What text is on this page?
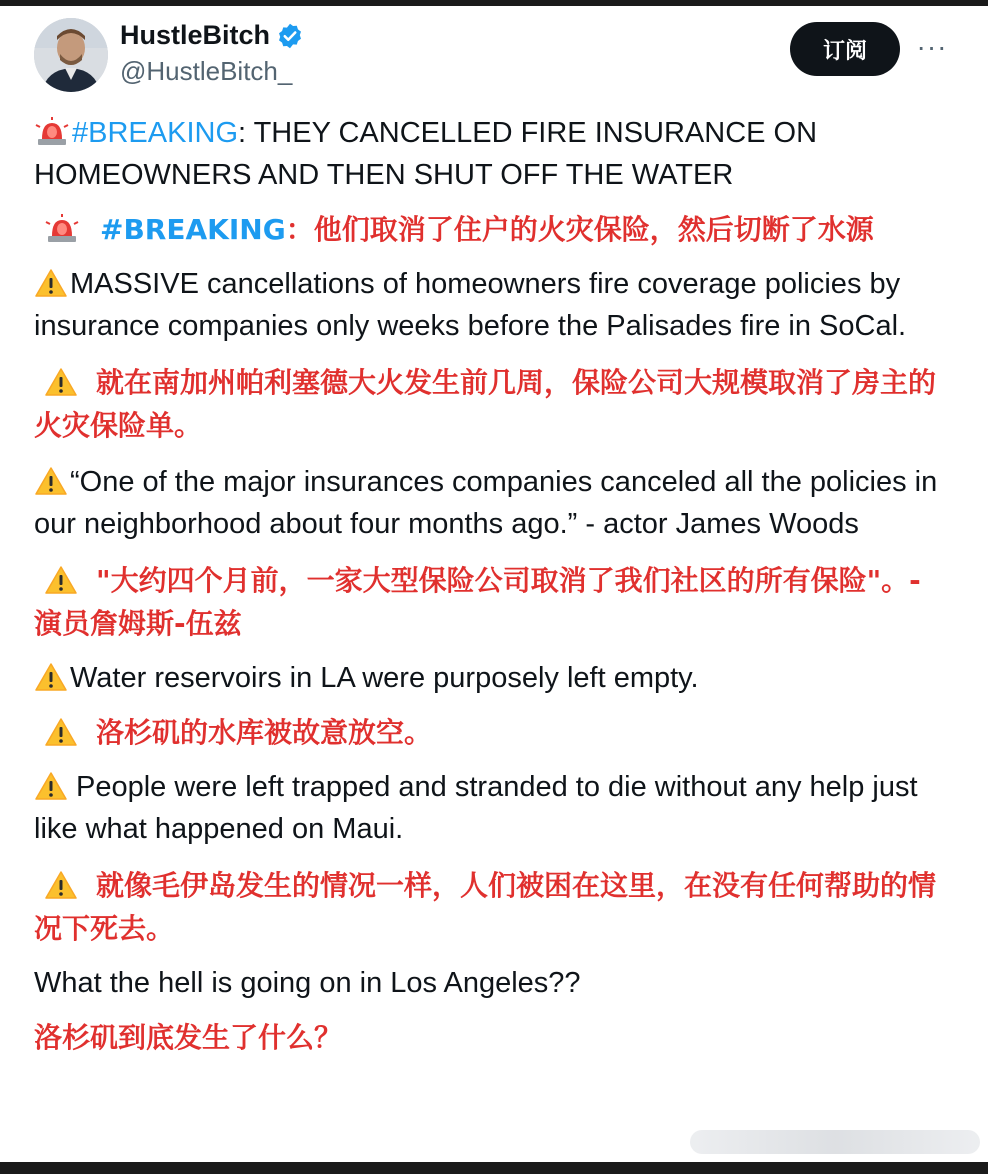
HustleBitch
@HustleBitch_
订阅	···
#BREAKING: THEY CANCELLED FIRE INSURANCE ON HOMEOWNERS AND THEN SHUT OFF THE WATER
#BREAKING：他们取消了住户的火灾保险，然后切断了水源
MASSIVE cancellations of homeowners fire coverage policies by insurance companies only weeks before the Palisades fire in SoCal.
就在南加州帕利塞德大火发生前几周，保险公司大规模取消了房主的火灾保险单。
“One of the major insurances companies canceled all the policies in our neighborhood about four months ago.” - actor James Woods
"大约四个月前，一家大型保险公司取消了我们社区的所有保险"。- 演员詹姆斯-伍兹
Water reservoirs in LA were purposely left empty.
洛杉矶的水库被故意放空。
People were left trapped and stranded to die without any help just like what happened on Maui.
就像毛伊岛发生的情况一样，人们被困在这里，在没有任何帮助的情况下死去。
What the hell is going on in Los Angeles??
洛杉矶到底发生了什么？
